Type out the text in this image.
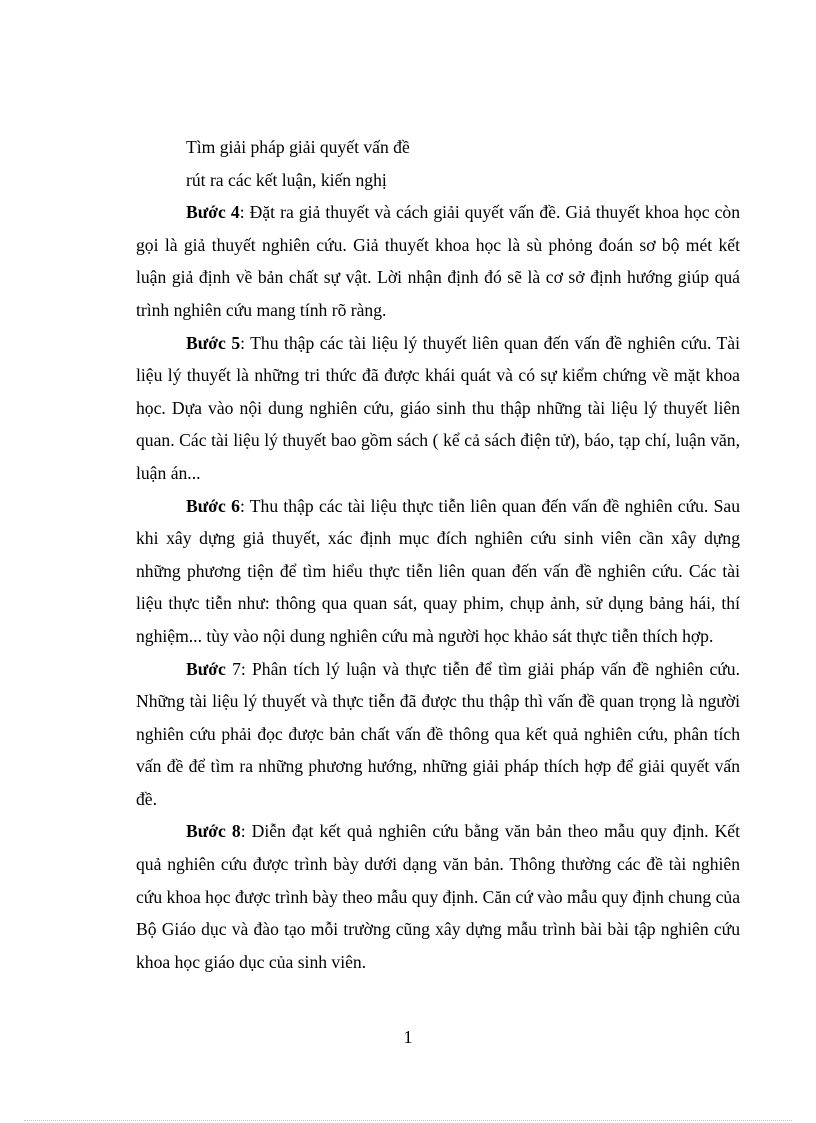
Tìm giải pháp giải quyết vấn đề

rút ra các kết luận, kiến nghị

Bước 4: Đặt ra giả thuyết và cách giải quyết vấn đề. Giả thuyết khoa học còn gọi là giả thuyết nghiên cứu. Giả thuyết khoa học là sù phỏng đoán sơ bộ mét kết luận giả định về bản chất sự vật. Lời nhận định đó sẽ là cơ sở định hướng giúp quá trình nghiên cứu mang tính rõ ràng.

Bước 5: Thu thập các tài liệu lý thuyết liên quan đến vấn đề nghiên cứu. Tài liệu lý thuyết là những tri thức đã được khái quát và có sự kiểm chứng về mặt khoa học. Dựa vào nội dung nghiên cứu, giáo sinh thu thập những tài liệu lý thuyết liên quan. Các tài liệu lý thuyết bao gồm sách ( kể cả sách điện tử), báo, tạp chí, luận văn, luận án...

Bước 6: Thu thập các tài liệu thực tiễn liên quan đến vấn đề nghiên cứu. Sau khi xây dựng giả thuyết, xác định mục đích nghiên cứu sinh viên cần xây dựng những phương tiện để tìm hiểu thực tiễn liên quan đến vấn đề nghiên cứu. Các tài liệu thực tiễn như: thông qua quan sát, quay phim, chụp ảnh, sử dụng bảng hái, thí nghiệm... tùy vào nội dung nghiên cứu mà người học khảo sát thực tiễn thích hợp.

Bước 7: Phân tích lý luận và thực tiễn để tìm giải pháp vấn đề nghiên cứu. Những tài liệu lý thuyết và thực tiễn đã được thu thập thì vấn đề quan trọng là người nghiên cứu phải đọc được bản chất vấn đề thông qua kết quả nghiên cứu, phân tích vấn đề để tìm ra những phương hướng, những giải pháp thích hợp để giải quyết vấn đề.

Bước 8: Diễn đạt kết quả nghiên cứu bằng văn bản theo mẫu quy định. Kết quả nghiên cứu được trình bày dưới dạng văn bản. Thông thường các đề tài nghiên cứu khoa học được trình bày theo mẫu quy định. Căn cứ vào mẫu quy định chung của Bộ Giáo dục và đào tạo mỗi trường cũng xây dựng mẫu trình bài bài tập nghiên cứu khoa học giáo dục của sinh viên.

1
